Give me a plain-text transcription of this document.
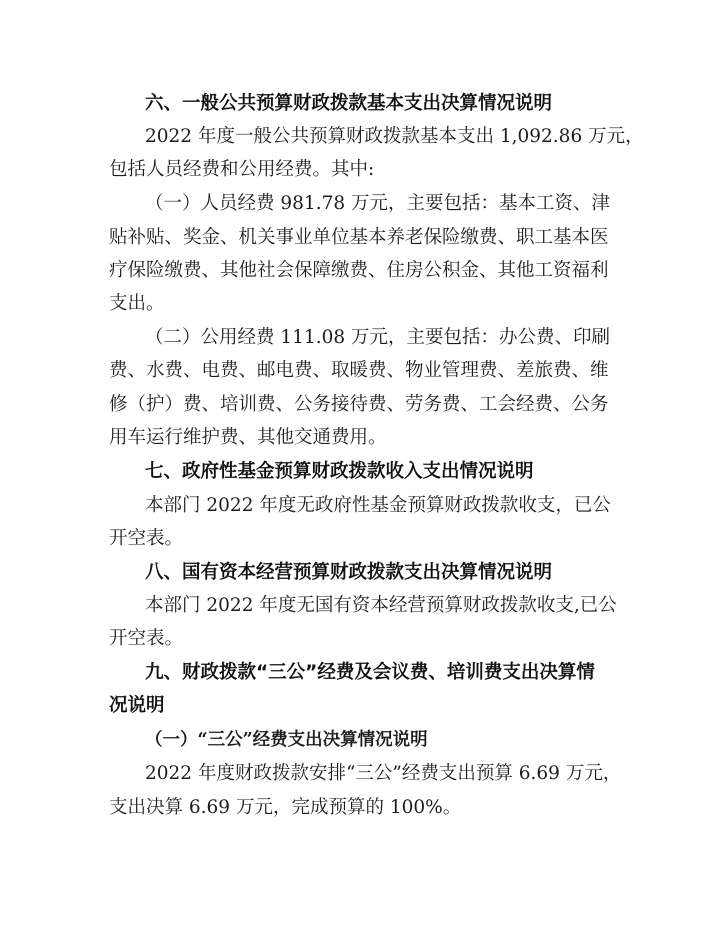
六、一般公共预算财政拨款基本支出决算情况说明
2022 年度一般公共预算财政拨款基本支出 1,092.86 万元，
包括人员经费和公用经费。其中:
（一）人员经费 981.78 万元，主要包括：基本工资、津
贴补贴、奖金、机关事业单位基本养老保险缴费、职工基本医
疗保险缴费、其他社会保障缴费、住房公积金、其他工资福利
支出。
（二）公用经费 111.08 万元，主要包括：办公费、印刷
费、水费、电费、邮电费、取暖费、物业管理费、差旅费、维
修（护）费、培训费、公务接待费、劳务费、工会经费、公务
用车运行维护费、其他交通费用。
七、政府性基金预算财政拨款收入支出情况说明
本部门 2022 年度无政府性基金预算财政拨款收支，已公
开空表。
八、国有资本经营预算财政拨款支出决算情况说明
本部门 2022 年度无国有资本经营预算财政拨款收支,已公
开空表。
九、财政拨款“三公”经费及会议费、培训费支出决算情
况说明
（一）“三公”经费支出决算情况说明
2022 年度财政拨款安排“三公”经费支出预算 6.69 万元，
支出决算 6.69 万元，完成预算的 100%。
